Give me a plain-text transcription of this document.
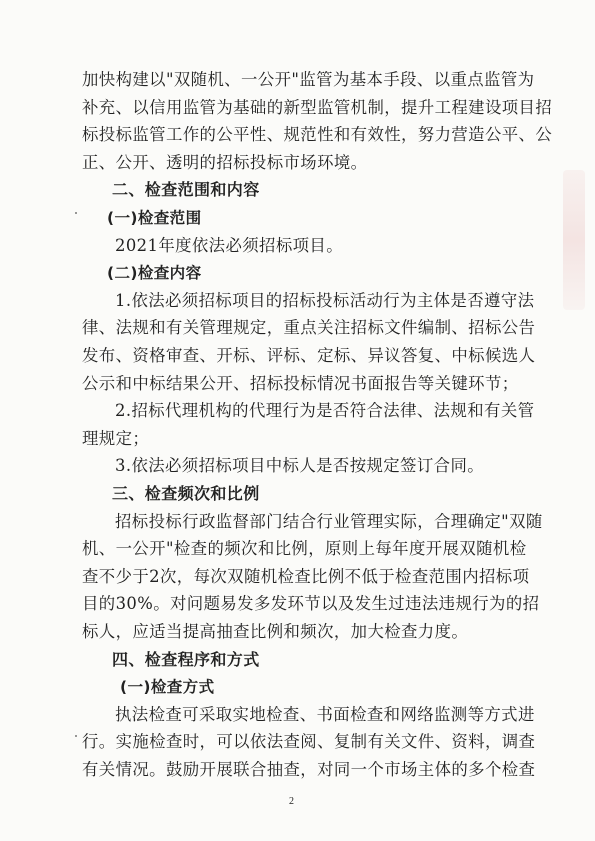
加快构建以"双随机、一公开"监管为基本手段、以重点监管为
补充、以信用监管为基础的新型监管机制，提升工程建设项目招
标投标监管工作的公平性、规范性和有效性，努力营造公平、公
正、公开、透明的招标投标市场环境。
二、检查范围和内容
(一)检查范围
2021年度依法必须招标项目。
(二)检查内容
1.依法必须招标项目的招标投标活动行为主体是否遵守法
律、法规和有关管理规定，重点关注招标文件编制、招标公告
发布、资格审查、开标、评标、定标、异议答复、中标候选人
公示和中标结果公开、招标投标情况书面报告等关键环节；
2.招标代理机构的代理行为是否符合法律、法规和有关管
理规定；
3.依法必须招标项目中标人是否按规定签订合同。
三、检查频次和比例
招标投标行政监督部门结合行业管理实际，合理确定"双随
机、一公开"检查的频次和比例，原则上每年度开展双随机检
查不少于2次，每次双随机检查比例不低于检查范围内招标项
目的30%。对问题易发多发环节以及发生过违法违规行为的招
标人，应适当提高抽查比例和频次，加大检查力度。
四、检查程序和方式
(一)检查方式
执法检查可采取实地检查、书面检查和网络监测等方式进
行。实施检查时，可以依法查阅、复制有关文件、资料，调查
有关情况。鼓励开展联合抽查，对同一个市场主体的多个检查
2
